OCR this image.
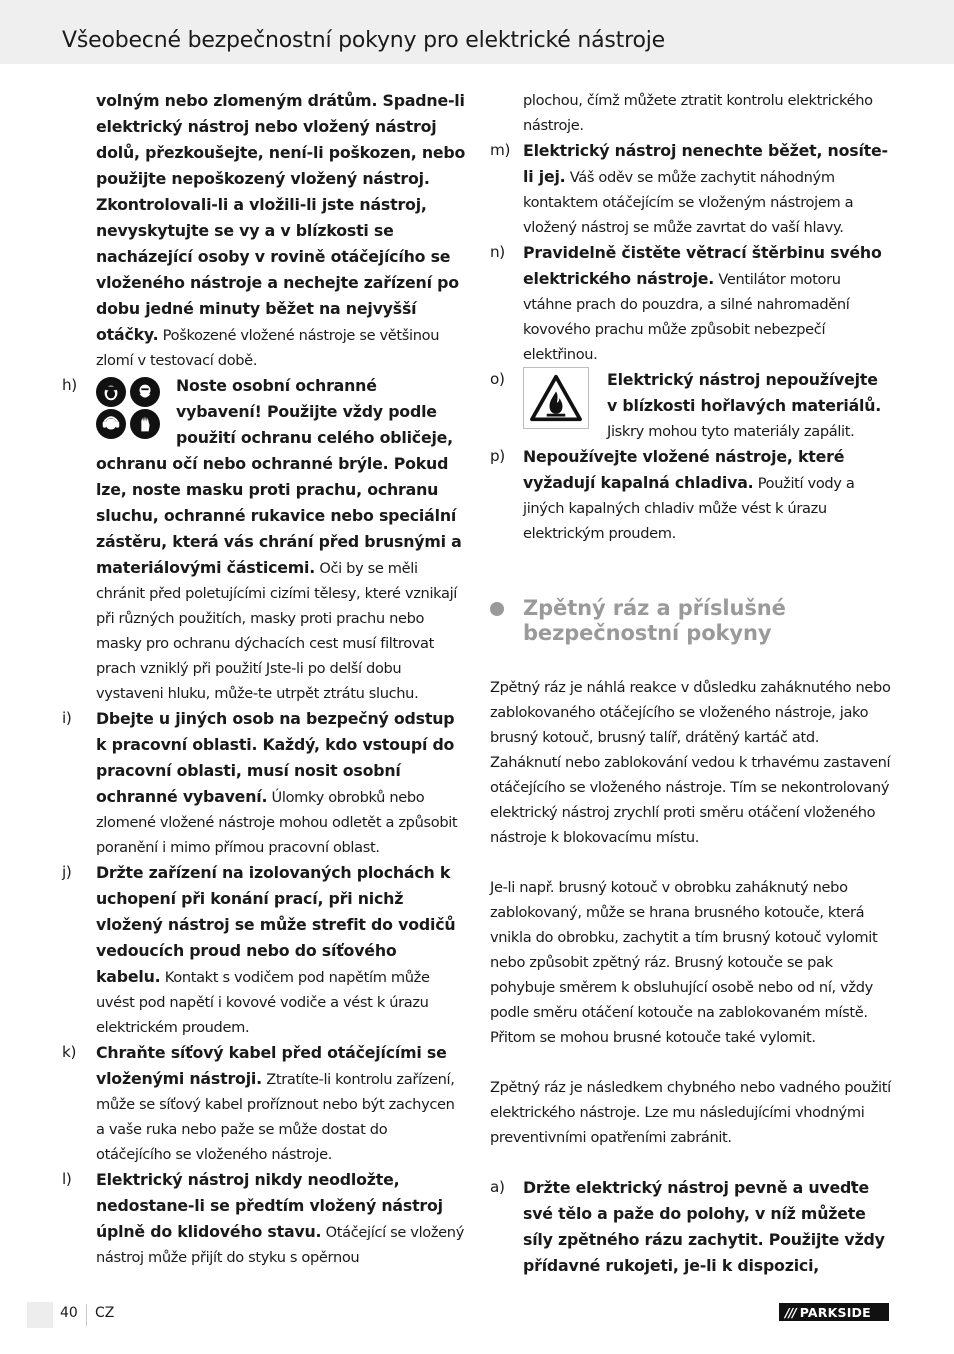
Všeobecné bezpečnostní pokyny pro elektrické nástroje

volným nebo zlomeným drátům. Spadne-li elektrický nástroj nebo vložený nástroj dolů, přezkoušejte, není-li poškozen, nebo použijte nepoškozený vložený nástroj. Zkontrolovali-li a vložili-li jste nástroj, nevyskytujte se vy a v blízkosti se nacházející osoby v rovině otáčejícího se vloženého nástroje a nechejte zařízení po dobu jedné minuty běžet na nejvyšší otáčky. Poškozené vložené nástroje se většinou zlomí v testovací době.

h)	Noste osobní ochranné vybavení! Použijte vždy podle použití ochranu celého obličeje, ochranu očí nebo ochranné brýle. Pokud lze, noste masku proti prachu, ochranu sluchu, ochranné rukavice nebo speciální zástěru, která vás chrání před brusnými a materiálovými částicemi. Oči by se měli chránit před poletujícími cizími tělesy, které vznikají při různých použitích, masky proti prachu nebo masky pro ochranu dýchacích cest musí filtrovat prach vzniklý při použití Jste-li po delší dobu vystaveni hluku, může-te utrpět ztrátu sluchu.

i) Dbejte u jiných osob na bezpečný odstup k pracovní oblasti. Každý, kdo vstoupí do pracovní oblasti, musí nosit osobní ochranné vybavení. Úlomky obrobků nebo zlomené vložené nástroje mohou odletět a způsobit poranění i mimo přímou pracovní oblast.

j) Držte zařízení na izolovaných plochách k uchopení při konání prací, při nichž vložený nástroj se může strefit do vodičů vedoucích proud nebo do síťového kabelu. Kontakt s vodičem pod napětím může uvést pod napětí i kovové vodiče a vést k úrazu elektrickém proudem.

k) Chraňte síťový kabel před otáčejícími se vloženými nástroji. Ztratíte-li kontrolu zařízení, může se síťový kabel proříznout nebo být zachycen a vaše ruka nebo paže se může dostat do otáčejícího se vloženého nástroje.

l) Elektrický nástroj nikdy neodložte, nedostane-li se předtím vložený nástroj úplně do klidového stavu. Otáčející se vložený nástroj může přijít do styku s opěrnou

plochou, čímž můžete ztratit kontrolu elektrického nástroje.

m) Elektrický nástroj nenechte běžet, nosíte-li jej. Váš oděv se může zachytit náhodným kontaktem otáčejícím se vloženým nástrojem a vložený nástroj se může zavrtat do vaší hlavy.

n) Pravidelně čistěte větrací štěrbinu svého elektrického nástroje. Ventilátor motoru vtáhne prach do pouzdra, a silné nahromadění kovového prachu může způsobit nebezpečí elektřinou.

o)	Elektrický nástroj nepoužívejte v blízkosti hořlavých materiálů. Jiskry mohou tyto materiály zapálit.

p) Nepoužívejte vložené nástroje, které vyžadují kapalná chladiva. Použití vody a jiných kapalných chladiv může vést k úrazu elektrickým proudem.

Zpětný ráz a příslušné bezpečnostní pokyny

Zpětný ráz je náhlá reakce v důsledku zaháknutého nebo zablokovaného otáčejícího se vloženého nástroje, jako brusný kotouč, brusný talíř, drátěný kartáč atd. Zaháknutí nebo zablokování vedou k trhavému zastavení otáčejícího se vloženého nástroje. Tím se nekontrolovaný elektrický nástroj zrychlí proti směru otáčení vloženého nástroje k blokovacímu místu.

Je-li např. brusný kotouč v obrobku zaháknutý nebo zablokovaný, může se hrana brusného kotouče, která vnikla do obrobku, zachytit a tím brusný kotouč vylomit nebo způsobit zpětný ráz. Brusný kotouče se pak pohybuje směrem k obsluhující osobě nebo od ní, vždy podle směru otáčení kotouče na zablokovaném místě. Přitom se mohou brusné kotouče také vylomit.

Zpětný ráz je následkem chybného nebo vadného použití elektrického nástroje. Lze mu následujícími vhodnými preventivními opatřeními zabránit.

a) Držte elektrický nástroj pevně a uveďte své tělo a paže do polohy, v níž můžete síly zpětného rázu zachytit. Použijte vždy přídavné rukojeti, je-li k dispozici,

40 CZ	/// PARKSIDE
